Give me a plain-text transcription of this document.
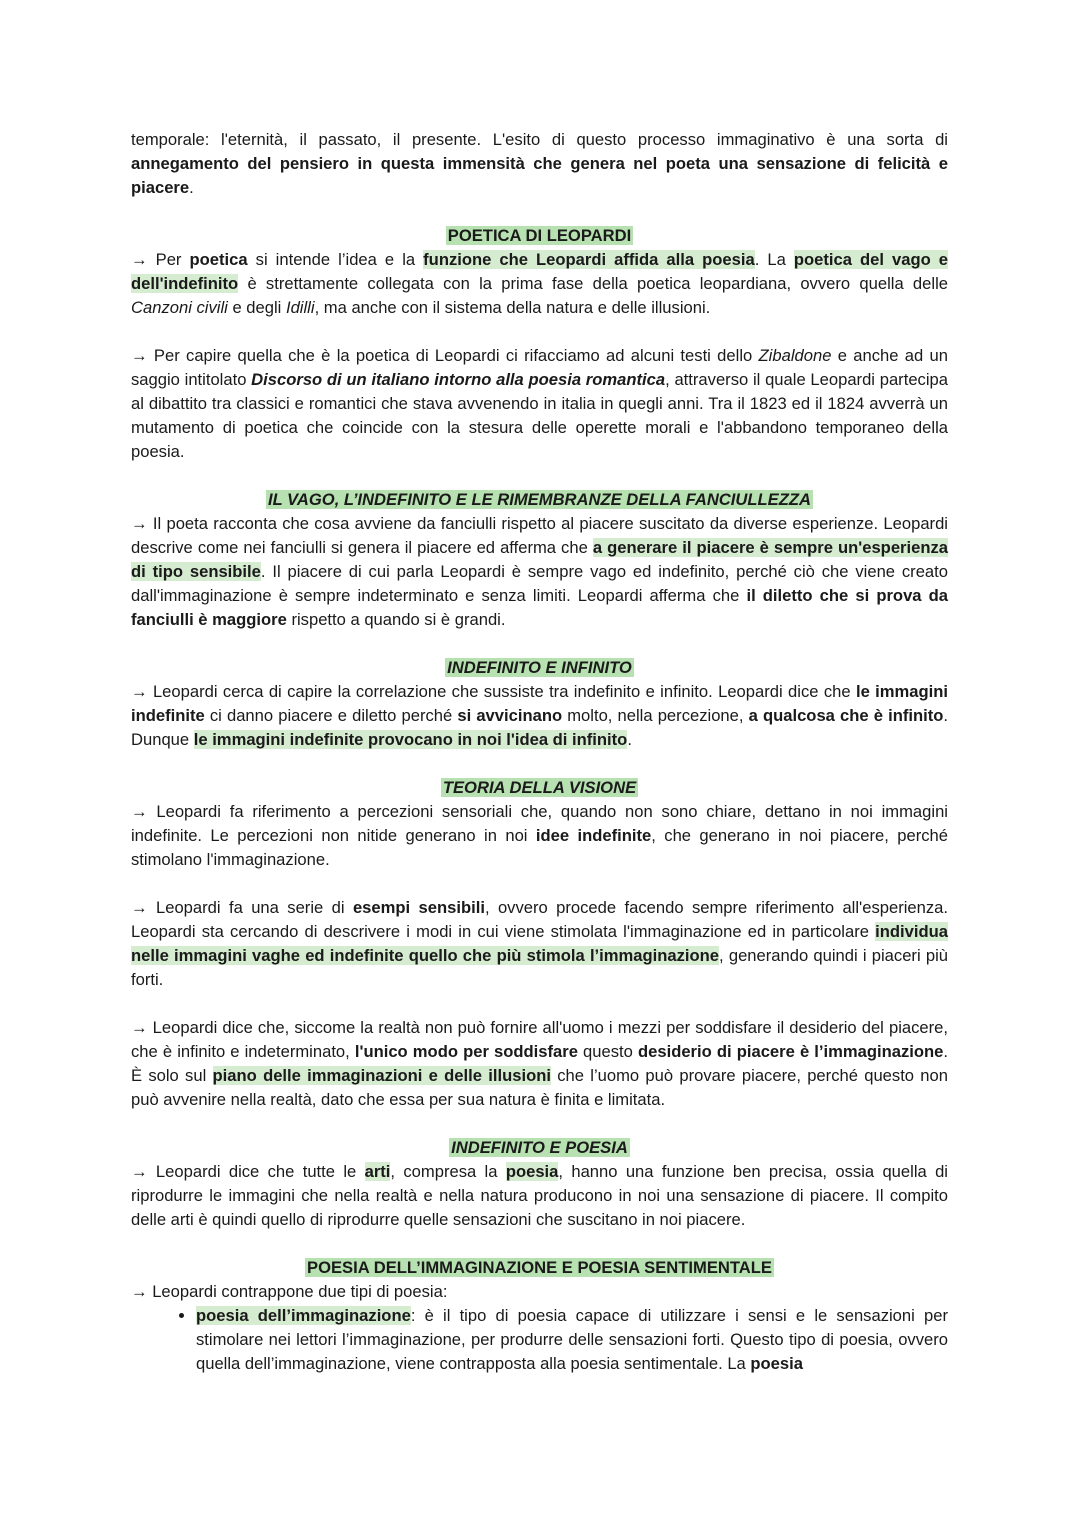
temporale: l'eternità, il passato, il presente. L'esito di questo processo immaginativo è una sorta di annegamento del pensiero in questa immensità che genera nel poeta una sensazione di felicità e piacere.

POETICA DI LEOPARDI

→ Per poetica si intende l’idea e la funzione che Leopardi affida alla poesia. La poetica del vago e dell'indefinito è strettamente collegata con la prima fase della poetica leopardiana, ovvero quella delle Canzoni civili e degli Idilli, ma anche con il sistema della natura e delle illusioni.

→ Per capire quella che è la poetica di Leopardi ci rifacciamo ad alcuni testi dello Zibaldone e anche ad un saggio intitolato Discorso di un italiano intorno alla poesia romantica, attraverso il quale Leopardi partecipa al dibattito tra classici e romantici che stava avvenendo in italia in quegli anni. Tra il 1823 ed il 1824 avverrà un mutamento di poetica che coincide con la stesura delle operette morali e l'abbandono temporaneo della poesia.

IL VAGO, L’INDEFINITO E LE RIMEMBRANZE DELLA FANCIULLEZZA

→ Il poeta racconta che cosa avviene da fanciulli rispetto al piacere suscitato da diverse esperienze. Leopardi descrive come nei fanciulli si genera il piacere ed afferma che a generare il piacere è sempre un'esperienza di tipo sensibile. Il piacere di cui parla Leopardi è sempre vago ed indefinito, perché ciò che viene creato dall'immaginazione è sempre indeterminato e senza limiti. Leopardi afferma che il diletto che si prova da fanciulli è maggiore rispetto a quando si è grandi.

INDEFINITO E INFINITO

→ Leopardi cerca di capire la correlazione che sussiste tra indefinito e infinito. Leopardi dice che le immagini indefinite ci danno piacere e diletto perché si avvicinano molto, nella percezione, a qualcosa che è infinito. Dunque le immagini indefinite provocano in noi l'idea di infinito.

TEORIA DELLA VISIONE

→ Leopardi fa riferimento a percezioni sensoriali che, quando non sono chiare, dettano in noi immagini indefinite. Le percezioni non nitide generano in noi idee indefinite, che generano in noi piacere, perché stimolano l'immaginazione.

→ Leopardi fa una serie di esempi sensibili, ovvero procede facendo sempre riferimento all'esperienza. Leopardi sta cercando di descrivere i modi in cui viene stimolata l'immaginazione ed in particolare individua nelle immagini vaghe ed indefinite quello che più stimola l’immaginazione, generando quindi i piaceri più forti.

→ Leopardi dice che, siccome la realtà non può fornire all'uomo i mezzi per soddisfare il desiderio del piacere, che è infinito e indeterminato, l'unico modo per soddisfare questo desiderio di piacere è l’immaginazione. È solo sul piano delle immaginazioni e delle illusioni che l’uomo può provare piacere, perché questo non può avvenire nella realtà, dato che essa per sua natura è finita e limitata.

INDEFINITO E POESIA

→ Leopardi dice che tutte le arti, compresa la poesia, hanno una funzione ben precisa, ossia quella di riprodurre le immagini che nella realtà e nella natura producono in noi una sensazione di piacere. Il compito delle arti è quindi quello di riprodurre quelle sensazioni che suscitano in noi piacere.

POESIA DELL’IMMAGINAZIONE E POESIA SENTIMENTALE

→ Leopardi contrappone due tipi di poesia:

• poesia dell’immaginazione: è il tipo di poesia capace di utilizzare i sensi e le sensazioni per stimolare nei lettori l’immaginazione, per produrre delle sensazioni forti. Questo tipo di poesia, ovvero quella dell’immaginazione, viene contrapposta alla poesia sentimentale. La poesia
